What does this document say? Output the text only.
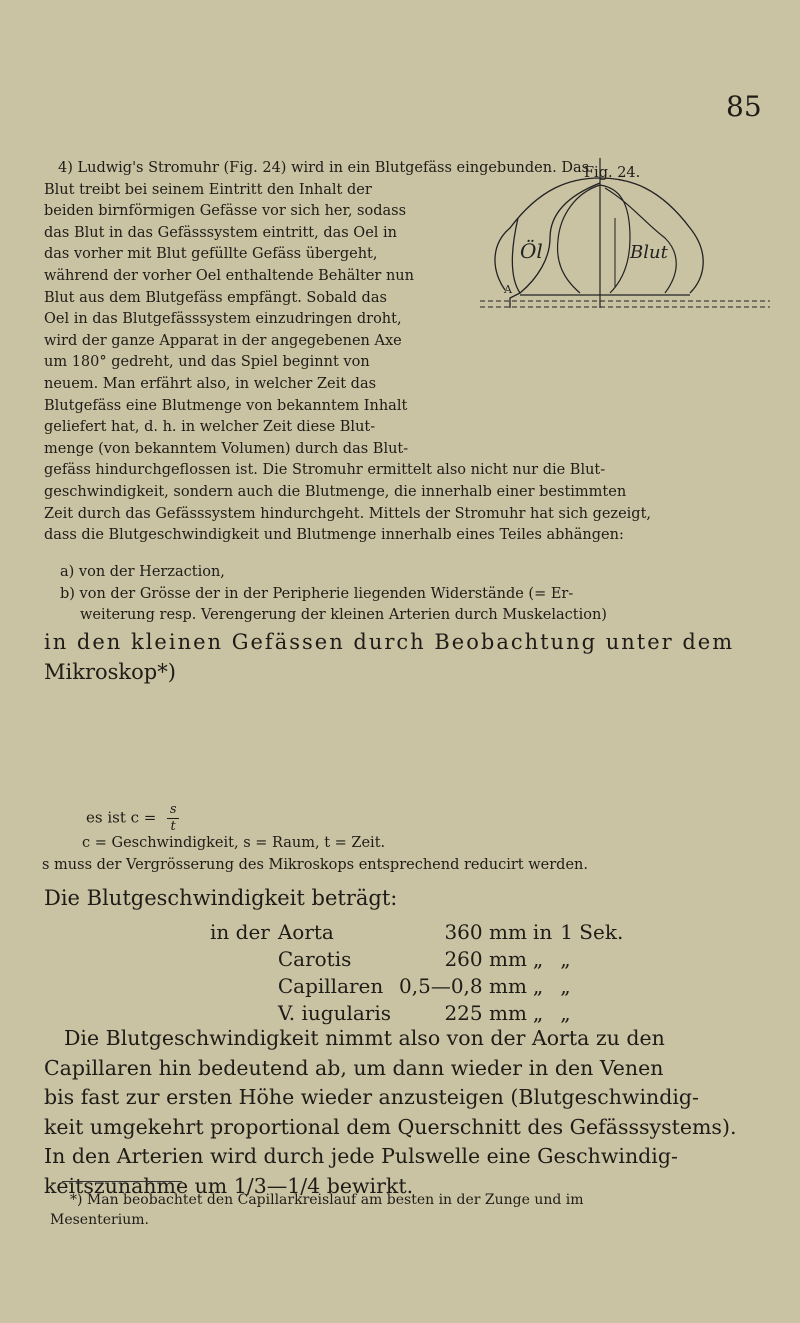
85
Fig. 24.
Öl	Blut
A
4) Ludwig's Stromuhr (Fig. 24) wird in ein Blutgefäss eingebunden. Das
Blut treibt bei seinem Eintritt den Inhalt der
beiden birnförmigen Gefässe vor sich her, sodass
das Blut in das Gefässsystem eintritt, das Oel in
das vorher mit Blut gefüllte Gefäss übergeht,
während der vorher Oel enthaltende Behälter nun
Blut aus dem Blutgefäss empfängt. Sobald das
Oel in das Blutgefässsystem einzudringen droht,
wird der ganze Apparat in der angegebenen Axe
um 180° gedreht, und das Spiel beginnt von
neuem. Man erfährt also, in welcher Zeit das
Blutgefäss eine Blutmenge von bekanntem Inhalt
geliefert hat, d. h. in welcher Zeit diese Blut-
menge (von bekanntem Volumen) durch das Blut-
gefäss hindurchgeflossen ist. Die Stromuhr ermittelt also nicht nur die Blut-
geschwindigkeit, sondern auch die Blutmenge, die innerhalb einer bestimmten
Zeit durch das Gefässsystem hindurchgeht. Mittels der Stromuhr hat sich gezeigt,
dass die Blutgeschwindigkeit und Blutmenge innerhalb eines Teiles abhängen:
a) von der Herzaction,
b) von der Grösse der in der Peripherie liegenden Widerstände (= Er-
weiterung resp. Verengerung der kleinen Arterien durch Muskelaction)
in den kleinen Gefässen durch Beobachtung unter dem
Mikroskop*)
es ist $c = \frac{s}{t}$
c = Geschwindigkeit, s = Raum, t = Zeit.
s muss der Vergrösserung des Mikroskops entsprechend reducirt werden.
Die Blutgeschwindigkeit beträgt:
in der	Aorta	360 mm	in	1 Sek.
	Carotis	260 mm	„	„
	Capillaren	0,5—0,8 mm	„	„
	V. iugularis	225 mm	„	„
Die Blutgeschwindigkeit nimmt also von der Aorta zu den
Capillaren hin bedeutend ab, um dann wieder in den Venen
bis fast zur ersten Höhe wieder anzusteigen (Blutgeschwindig-
keit umgekehrt proportional dem Querschnitt des Gefässsystems).
In den Arterien wird durch jede Pulswelle eine Geschwindig-
keitszunahme um 1/3—1/4 bewirkt.
*) Man beobachtet den Capillarkreislauf am besten in der Zunge und im
Mesenterium.
